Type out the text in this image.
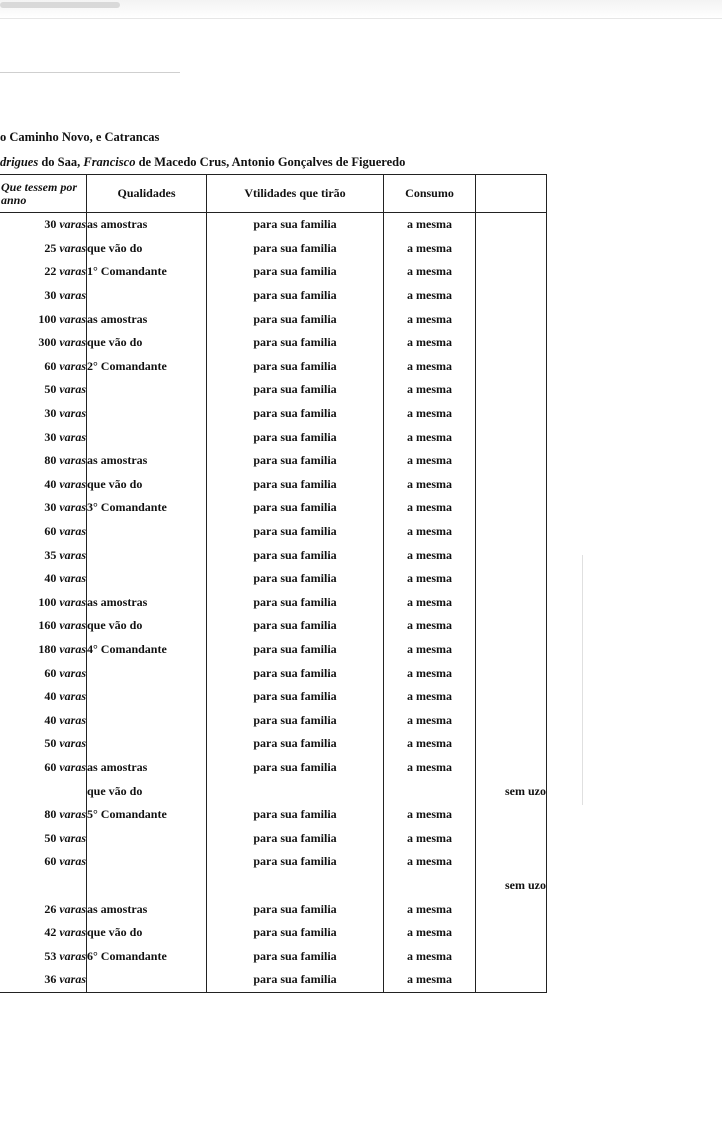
o Caminho Novo, e Catrancas
drigues do Saa, Francisco de Macedo Crus, Antonio Gonçalves de Figueredo
Que tessem por anno	Qualidades	Vtilidades que tirão	Consumo	
30 varas	as amostras	para sua familia	a mesma	
25 varas	que vão do	para sua familia	a mesma	
22 varas	1° Comandante	para sua familia	a mesma	
30 varas		para sua familia	a mesma	
100 varas	as amostras	para sua familia	a mesma	
300 varas	que vão do	para sua familia	a mesma	
60 varas	2° Comandante	para sua familia	a mesma	
50 varas		para sua familia	a mesma	
30 varas		para sua familia	a mesma	
30 varas		para sua familia	a mesma	
80 varas	as amostras	para sua familia	a mesma	
40 varas	que vão do	para sua familia	a mesma	
30 varas	3° Comandante	para sua familia	a mesma	
60 varas		para sua familia	a mesma	
35 varas		para sua familia	a mesma	
40 varas		para sua familia	a mesma	
100 varas	as amostras	para sua familia	a mesma	
160 varas	que vão do	para sua familia	a mesma	
180 varas	4° Comandante	para sua familia	a mesma	
60 varas		para sua familia	a mesma	
40 varas		para sua familia	a mesma	
40 varas		para sua familia	a mesma	
50 varas		para sua familia	a mesma	
60 varas	as amostras	para sua familia	a mesma	
	que vão do			sem uzo
80 varas	5° Comandante	para sua familia	a mesma	
50 varas		para sua familia	a mesma	
60 varas		para sua familia	a mesma	
				sem uzo
26 varas	as amostras	para sua familia	a mesma	
42 varas	que vão do	para sua familia	a mesma	
53 varas	6° Comandante	para sua familia	a mesma	
36 varas		para sua familia	a mesma	
